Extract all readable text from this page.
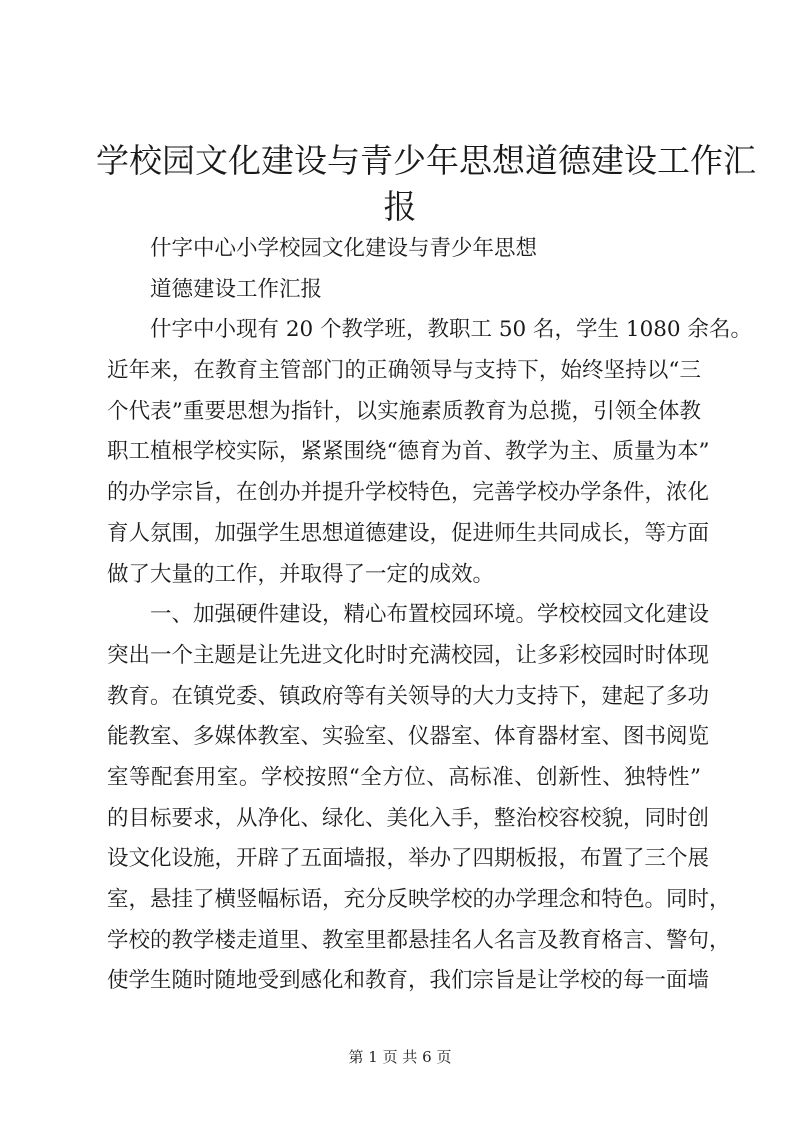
学校园文化建设与青少年思想道德建设工作汇
报
什字中心小学校园文化建设与青少年思想
道德建设工作汇报
什字中小现有 20 个教学班，教职工 50 名，学生 1080 余名。
近年来，在教育主管部门的正确领导与支持下，始终坚持以“三
个代表”重要思想为指针，以实施素质教育为总揽，引领全体教
职工植根学校实际，紧紧围绕“德育为首、教学为主、质量为本”
的办学宗旨，在创办并提升学校特色，完善学校办学条件，浓化
育人氛围，加强学生思想道德建设，促进师生共同成长，等方面
做了大量的工作，并取得了一定的成效。
一、加强硬件建设，精心布置校园环境。学校校园文化建设
突出一个主题是让先进文化时时充满校园，让多彩校园时时体现
教育。在镇党委、镇政府等有关领导的大力支持下，建起了多功
能教室、多媒体教室、实验室、仪器室、体育器材室、图书阅览
室等配套用室。学校按照“全方位、高标准、创新性、独特性”
的目标要求，从净化、绿化、美化入手，整治校容校貌，同时创
设文化设施，开辟了五面墙报，举办了四期板报，布置了三个展
室，悬挂了横竖幅标语，充分反映学校的办学理念和特色。同时，
学校的教学楼走道里、教室里都悬挂名人名言及教育格言、警句，
使学生随时随地受到感化和教育，我们宗旨是让学校的每一面墙
第 1 页 共 6 页
